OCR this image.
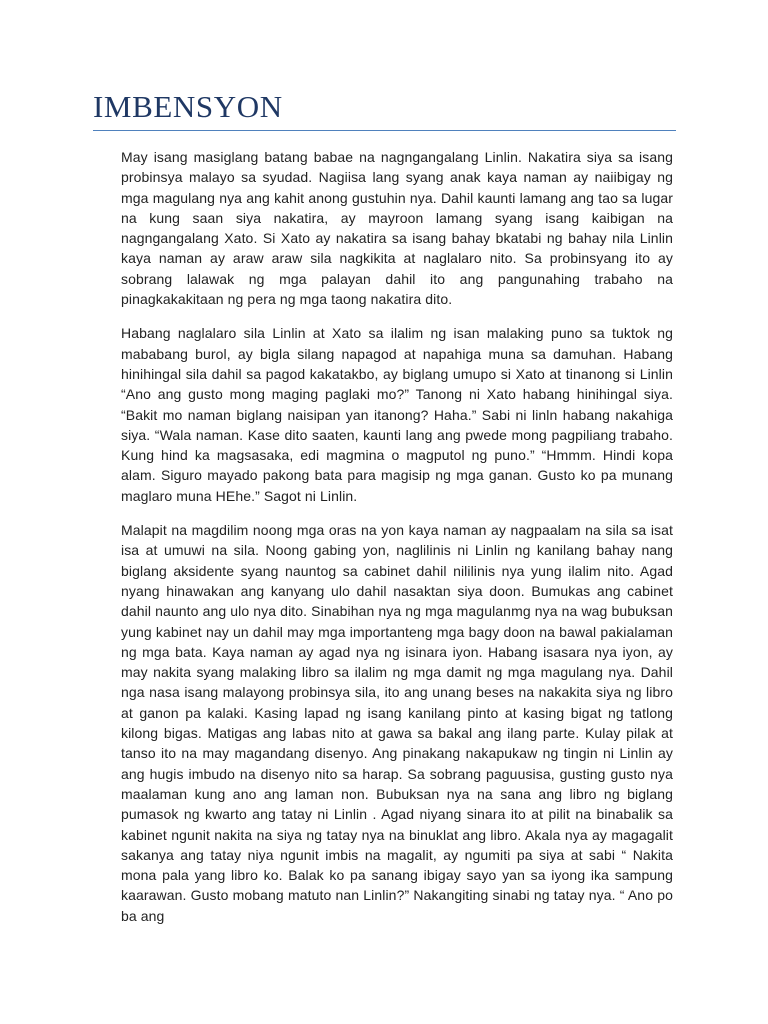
IMBENSYON

May isang masiglang batang babae na nagngangalang Linlin. Nakatira siya sa isang probinsya malayo sa syudad. Nagiisa lang syang anak kaya naman ay naiibigay ng mga magulang nya ang kahit anong gustuhin nya. Dahil kaunti lamang ang tao sa lugar na kung saan siya nakatira, ay mayroon lamang syang isang kaibigan na nagngangalang Xato. Si Xato ay nakatira sa isang bahay bkatabi ng bahay nila Linlin kaya naman ay araw araw sila nagkikita at naglalaro nito. Sa probinsyang ito ay sobrang lalawak ng mga palayan dahil ito ang pangunahing trabaho na pinagkakakitaan ng pera ng mga taong nakatira dito.

Habang naglalaro sila Linlin at Xato sa ilalim ng isan malaking puno sa tuktok ng mababang burol, ay bigla silang napagod at napahiga muna sa damuhan. Habang hinihingal sila dahil sa pagod kakatakbo, ay biglang umupo si Xato at tinanong si Linlin “Ano ang gusto mong maging paglaki mo?” Tanong ni Xato habang hinihingal siya. “Bakit mo naman biglang naisipan yan itanong? Haha.” Sabi ni linln habang nakahiga siya. “Wala naman. Kase dito saaten, kaunti lang ang pwede mong pagpiliang trabaho. Kung hind ka magsasaka, edi magmina o magputol ng puno.” “Hmmm. Hindi kopa alam. Siguro mayado pakong bata para magisip ng mga ganan. Gusto ko pa munang maglaro muna HEhe.” Sagot ni Linlin.

Malapit na magdilim noong mga oras na yon kaya naman ay nagpaalam na sila sa isat isa at umuwi na sila. Noong gabing yon, naglilinis ni Linlin ng kanilang bahay nang biglang aksidente syang nauntog sa cabinet dahil nililinis nya yung ilalim nito. Agad nyang hinawakan ang kanyang ulo dahil nasaktan siya doon. Bumukas ang cabinet dahil naunto ang ulo nya dito. Sinabihan nya ng mga magulanmg nya na wag bubuksan yung kabinet nay un dahil may mga importanteng mga bagy doon na bawal pakialaman ng mga bata. Kaya naman ay agad nya ng isinara iyon. Habang isasara nya iyon, ay may nakita syang malaking libro sa ilalim ng mga damit ng mga magulang nya. Dahil nga nasa isang malayong probinsya sila, ito ang unang beses na nakakita siya ng libro at ganon pa kalaki. Kasing lapad ng isang kanilang pinto at kasing bigat ng tatlong kilong bigas. Matigas ang labas nito at gawa sa bakal ang ilang parte. Kulay pilak at tanso ito na may magandang disenyo. Ang pinakang nakapukaw ng tingin ni Linlin ay ang hugis imbudo na disenyo nito sa harap. Sa sobrang paguusisa, gusting gusto nya maalaman kung ano ang laman non. Bubuksan nya na sana ang libro ng biglang pumasok ng kwarto ang tatay ni Linlin . Agad niyang sinara ito at pilit na binabalik sa kabinet ngunit nakita na siya ng tatay nya na binuklat ang libro. Akala nya ay magagalit sakanya ang tatay niya ngunit imbis na magalit, ay ngumiti pa siya at sabi “ Nakita mona pala yang libro ko. Balak ko pa sanang ibigay sayo yan sa iyong ika sampung kaarawan. Gusto mobang matuto nan Linlin?” Nakangiting sinabi ng tatay nya. “ Ano po ba ang
